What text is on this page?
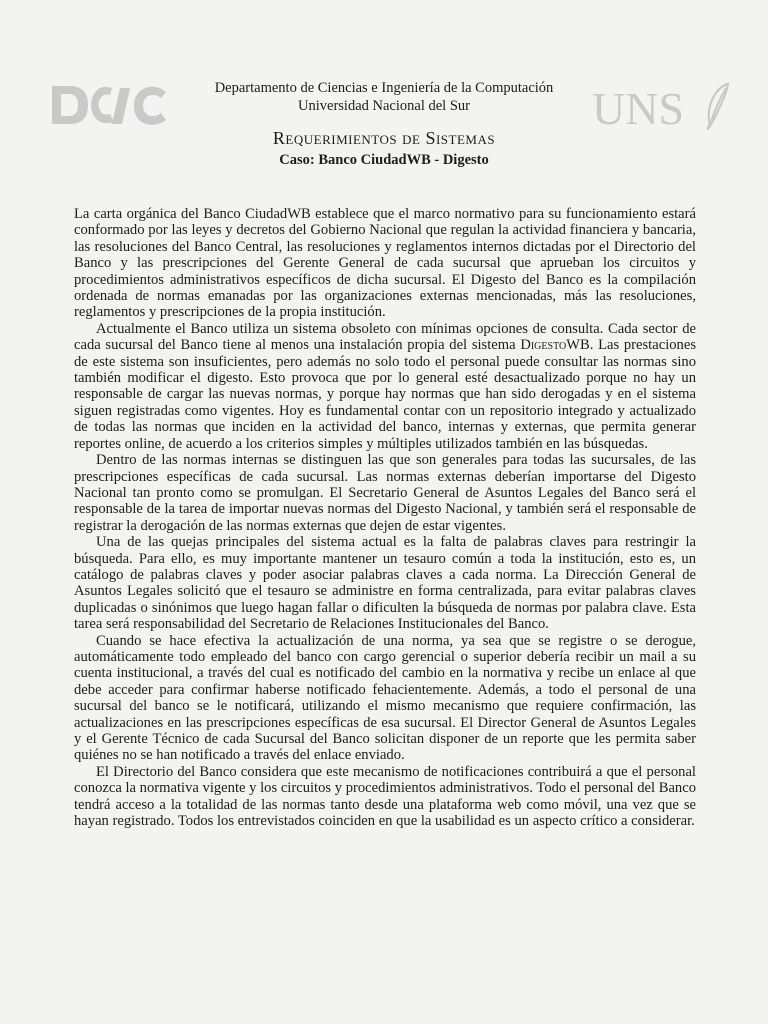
UNS
Departamento de Ciencias e Ingeniería de la Computación
Universidad Nacional del Sur
Requerimientos de Sistemas
Caso: Banco CiudadWB - Digesto

La carta orgánica del Banco CiudadWB establece que el marco normativo para su funcionamiento estará conformado por las leyes y decretos del Gobierno Nacional que regulan la actividad financiera y bancaria, las resoluciones del Banco Central, las resoluciones y reglamentos internos dictadas por el Directorio del Banco y las prescripciones del Gerente General de cada sucursal que aprueban los circuitos y procedimientos administrativos específicos de dicha sucursal. El Digesto del Banco es la compilación ordenada de normas emanadas por las organizaciones externas mencionadas, más las resoluciones, reglamentos y prescripciones de la propia institución.

Actualmente el Banco utiliza un sistema obsoleto con mínimas opciones de consulta. Cada sector de cada sucursal del Banco tiene al menos una instalación propia del sistema DigestoWB. Las prestaciones de este sistema son insuficientes, pero además no solo todo el personal puede consultar las normas sino también modificar el digesto. Esto provoca que por lo general esté desactualizado porque no hay un responsable de cargar las nuevas normas, y porque hay normas que han sido derogadas y en el sistema siguen registradas como vigentes. Hoy es fundamental contar con un repositorio integrado y actualizado de todas las normas que inciden en la actividad del banco, internas y externas, que permita generar reportes online, de acuerdo a los criterios simples y múltiples utilizados también en las búsquedas.

Dentro de las normas internas se distinguen las que son generales para todas las sucursales, de las prescripciones específicas de cada sucursal. Las normas externas deberían importarse del Digesto Nacional tan pronto como se promulgan. El Secretario General de Asuntos Legales del Banco será el responsable de la tarea de importar nuevas normas del Digesto Nacional, y también será el responsable de registrar la derogación de las normas externas que dejen de estar vigentes.

Una de las quejas principales del sistema actual es la falta de palabras claves para restringir la búsqueda. Para ello, es muy importante mantener un tesauro común a toda la institución, esto es, un catálogo de palabras claves y poder asociar palabras claves a cada norma. La Dirección General de Asuntos Legales solicitó que el tesauro se administre en forma centralizada, para evitar palabras claves duplicadas o sinónimos que luego hagan fallar o dificulten la búsqueda de normas por palabra clave. Esta tarea será responsabilidad del Secretario de Relaciones Institucionales del Banco.

Cuando se hace efectiva la actualización de una norma, ya sea que se registre o se derogue, automáticamente todo empleado del banco con cargo gerencial o superior debería recibir un mail a su cuenta institucional, a través del cual es notificado del cambio en la normativa y recibe un enlace al que debe acceder para confirmar haberse notificado fehacientemente. Además, a todo el personal de una sucursal del banco se le notificará, utilizando el mismo mecanismo que requiere confirmación, las actualizaciones en las prescripciones específicas de esa sucursal. El Director General de Asuntos Legales y el Gerente Técnico de cada Sucursal del Banco solicitan disponer de un reporte que les permita saber quiénes no se han notificado a través del enlace enviado.

El Directorio del Banco considera que este mecanismo de notificaciones contribuirá a que el personal conozca la normativa vigente y los circuitos y procedimientos administrativos. Todo el personal del Banco tendrá acceso a la totalidad de las normas tanto desde una plataforma web como móvil, una vez que se hayan registrado. Todos los entrevistados coinciden en que la usabilidad es un aspecto crítico a considerar.
